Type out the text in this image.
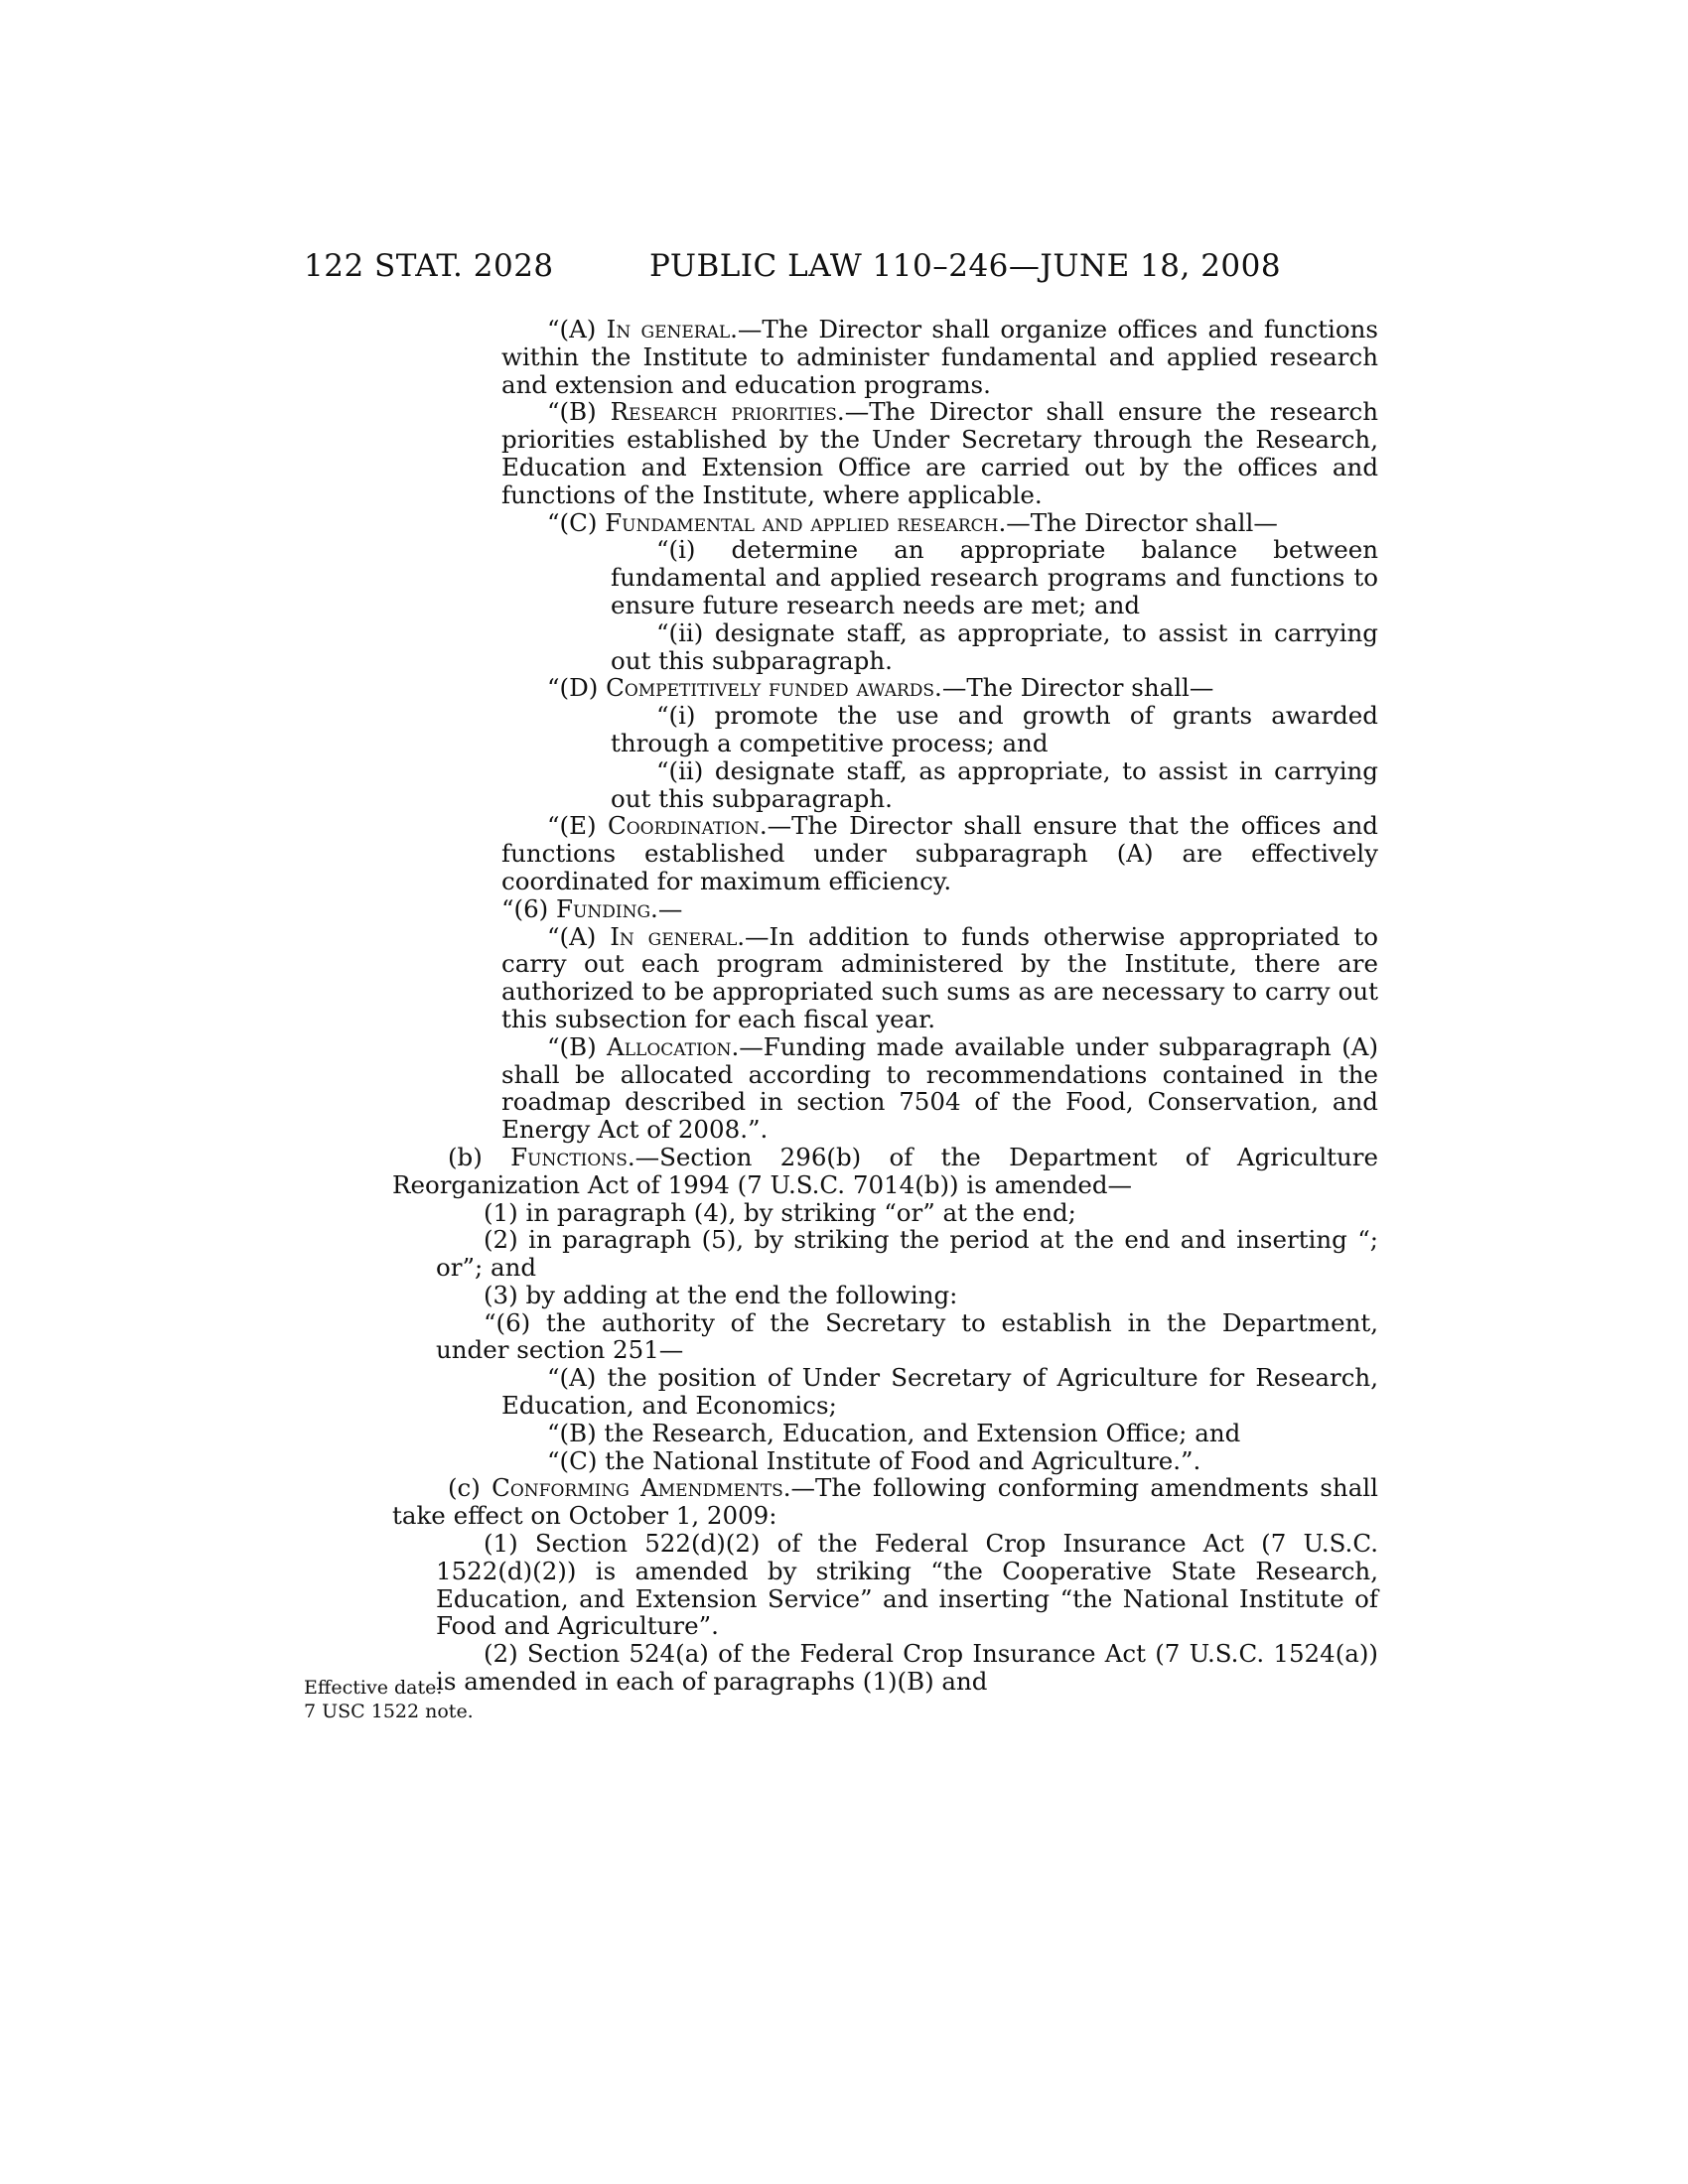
122 STAT. 2028	PUBLIC LAW 110–246—JUNE 18, 2008
Effective date.
7 USC 1522 note.

“(A) In general.—The Director shall organize offices and functions within the Institute to administer fundamental and applied research and extension and education programs.

“(B) Research priorities.—The Director shall ensure the research priorities established by the Under Secretary through the Research, Education and Extension Office are carried out by the offices and functions of the Institute, where applicable.

“(C) Fundamental and applied research.—The Director shall—

“(i) determine an appropriate balance between fundamental and applied research programs and functions to ensure future research needs are met; and

“(ii) designate staff, as appropriate, to assist in carrying out this subparagraph.

“(D) Competitively funded awards.—The Director shall—

“(i) promote the use and growth of grants awarded through a competitive process; and

“(ii) designate staff, as appropriate, to assist in carrying out this subparagraph.

“(E) Coordination.—The Director shall ensure that the offices and functions established under subparagraph (A) are effectively coordinated for maximum efficiency.

“(6) Funding.—

“(A) In general.—In addition to funds otherwise appropriated to carry out each program administered by the Institute, there are authorized to be appropriated such sums as are necessary to carry out this subsection for each fiscal year.

“(B) Allocation.—Funding made available under subparagraph (A) shall be allocated according to recommendations contained in the roadmap described in section 7504 of the Food, Conservation, and Energy Act of 2008.”.

(b) Functions.—Section 296(b) of the Department of Agriculture Reorganization Act of 1994 (7 U.S.C. 7014(b)) is amended—

(1) in paragraph (4), by striking “or” at the end;

(2) in paragraph (5), by striking the period at the end and inserting “; or”; and

(3) by adding at the end the following:

“(6) the authority of the Secretary to establish in the Department, under section 251—

“(A) the position of Under Secretary of Agriculture for Research, Education, and Economics;

“(B) the Research, Education, and Extension Office; and

“(C) the National Institute of Food and Agriculture.”.

(c) Conforming Amendments.—The following conforming amendments shall take effect on October 1, 2009:

(1) Section 522(d)(2) of the Federal Crop Insurance Act (7 U.S.C. 1522(d)(2)) is amended by striking “the Cooperative State Research, Education, and Extension Service” and inserting “the National Institute of Food and Agriculture”.

(2) Section 524(a) of the Federal Crop Insurance Act (7 U.S.C. 1524(a)) is amended in each of paragraphs (1)(B) and
